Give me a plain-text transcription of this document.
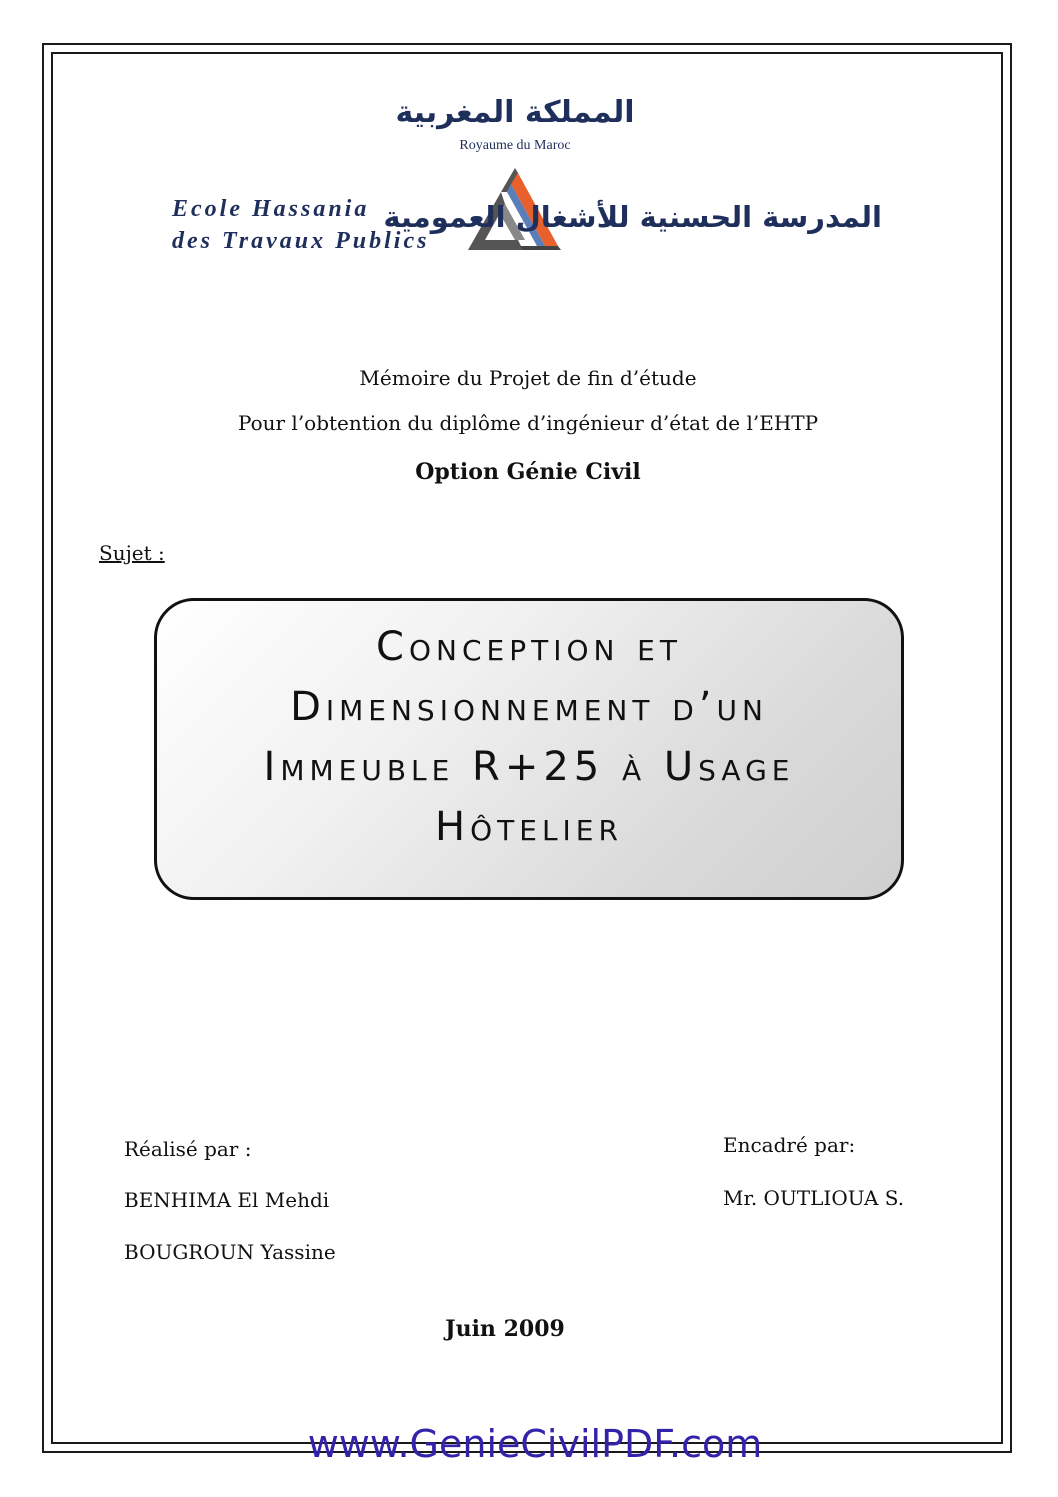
المملكة المغربية
Royaume du Maroc
Ecole Hassania
des Travaux Publics
المدرسة الحسنية للأشغال العمومية
Mémoire du Projet de fin d’étude
Pour l’obtention du diplôme d’ingénieur d’état de l’EHTP
Option Génie Civil
Sujet :
Conception et
Dimensionnement d’un
Immeuble R+25 à Usage
Hôtelier
Réalisé par :
BENHIMA El Mehdi
BOUGROUN Yassine
Encadré par:
Mr. OUTLIOUA S.
Juin 2009
www.GenieCivilPDF.com
